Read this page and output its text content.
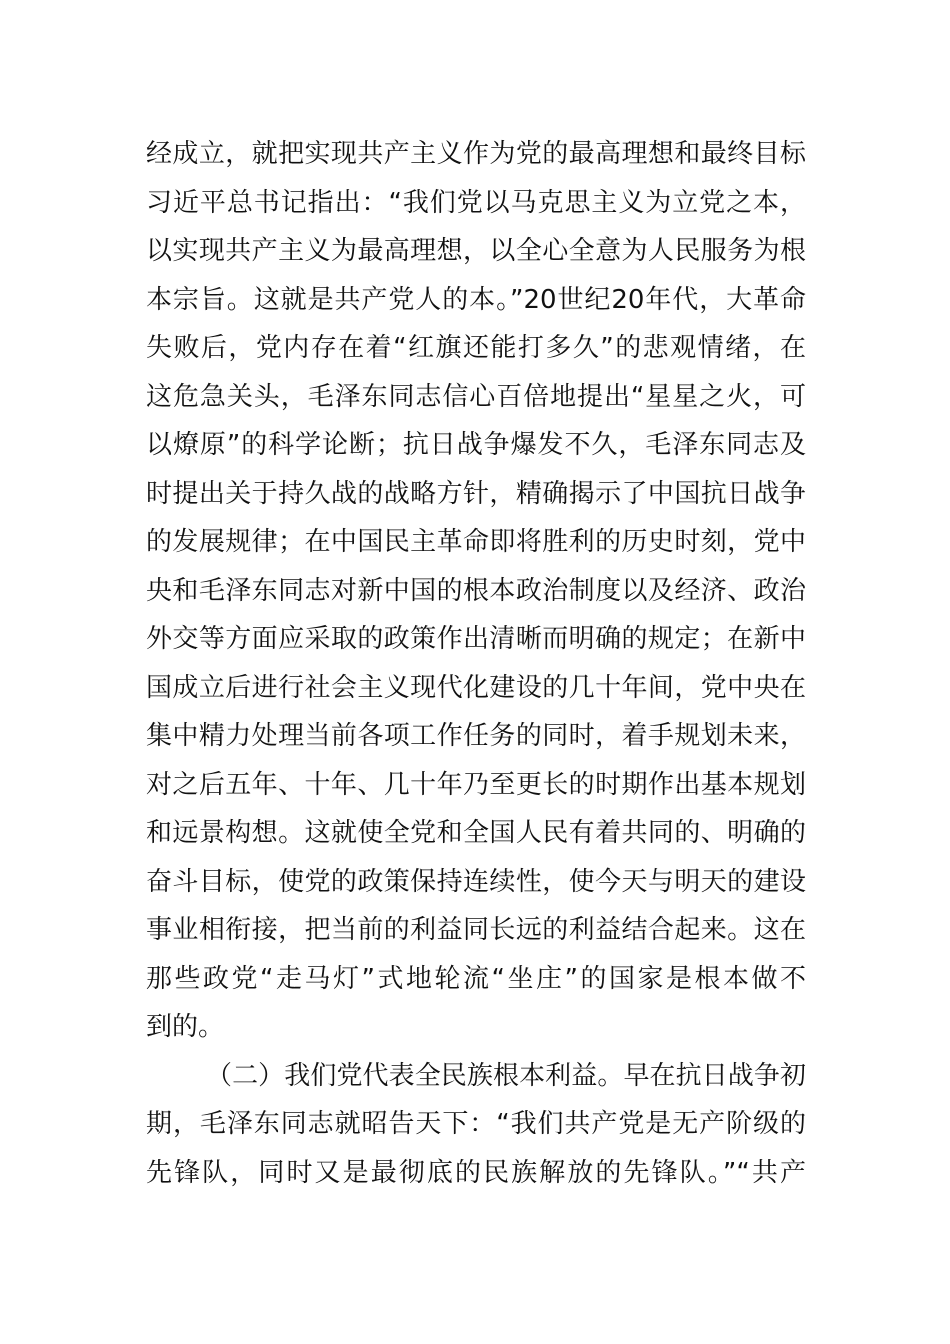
经成立，就把实现共产主义作为党的最高理想和最终目标
习近平总书记指出：“我们党以马克思主义为立党之本，
以实现共产主义为最高理想，以全心全意为人民服务为根
本宗旨。这就是共产党人的本。”20世纪20年代，大革命
失败后，党内存在着“红旗还能打多久”的悲观情绪，在
这危急关头，毛泽东同志信心百倍地提出“星星之火，可
以燎原”的科学论断；抗日战争爆发不久，毛泽东同志及
时提出关于持久战的战略方针，精确揭示了中国抗日战争
的发展规律；在中国民主革命即将胜利的历史时刻，党中
央和毛泽东同志对新中国的根本政治制度以及经济、政治
外交等方面应采取的政策作出清晰而明确的规定；在新中
国成立后进行社会主义现代化建设的几十年间，党中央在
集中精力处理当前各项工作任务的同时，着手规划未来，
对之后五年、十年、几十年乃至更长的时期作出基本规划
和远景构想。这就使全党和全国人民有着共同的、明确的
奋斗目标，使党的政策保持连续性，使今天与明天的建设
事业相衔接，把当前的利益同长远的利益结合起来。这在
那些政党“走马灯”式地轮流“坐庄”的国家是根本做不
到的。
（二）我们党代表全民族根本利益。早在抗日战争初
期，毛泽东同志就昭告天下：“我们共产党是无产阶级的
先锋队，同时又是最彻底的民族解放的先锋队。”“共产
